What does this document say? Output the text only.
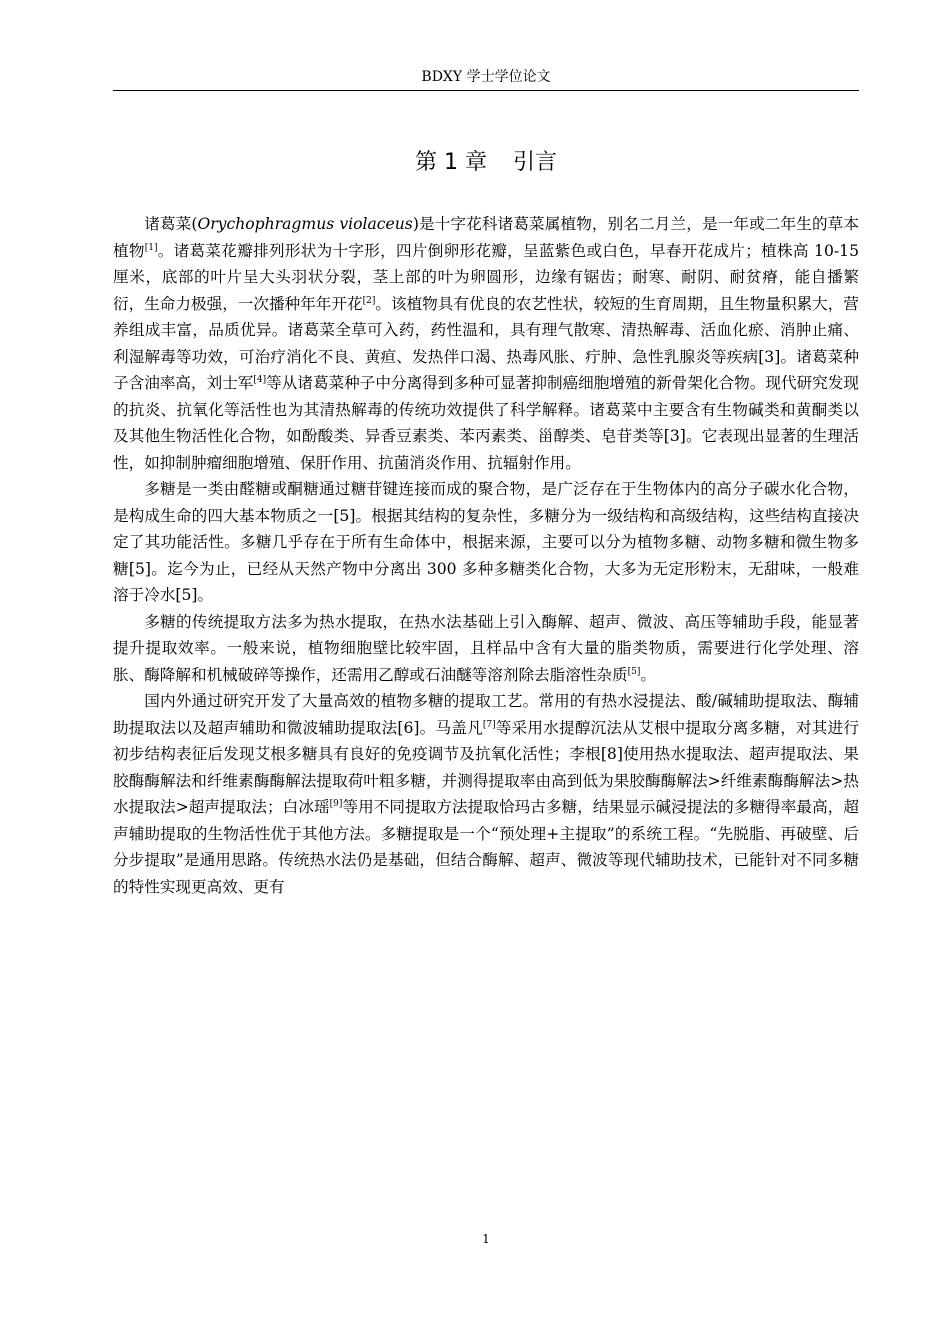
BDXY 学士学位论文
第 1 章 引言

诸葛菜(Orychophragmus violaceus)是十字花科诸葛菜属植物，别名二月兰，是一年或二年生的草本植物[1]。诸葛菜花瓣排列形状为十字形，四片倒卵形花瓣，呈蓝紫色或白色，早春开花成片；植株高 10-15 厘米，底部的叶片呈大头羽状分裂，茎上部的叶为卵圆形，边缘有锯齿；耐寒、耐阴、耐贫瘠，能自播繁衍，生命力极强，一次播种年年开花[2]。该植物具有优良的农艺性状，较短的生育周期，且生物量积累大，营养组成丰富，品质优异。诸葛菜全草可入药，药性温和，具有理气散寒、清热解毒、活血化瘀、消肿止痛、利湿解毒等功效，可治疗消化不良、黄疸、发热伴口渴、热毒风胀、疔肿、急性乳腺炎等疾病[3]。诸葛菜种子含油率高，刘士军[4]等从诸葛菜种子中分离得到多种可显著抑制癌细胞增殖的新骨架化合物。现代研究发现的抗炎、抗氧化等活性也为其清热解毒的传统功效提供了科学解释。诸葛菜中主要含有生物碱类和黄酮类以及其他生物活性化合物，如酚酸类、异香豆素类、苯丙素类、甾醇类、皂苷类等[3]。它表现出显著的生理活性，如抑制肿瘤细胞增殖、保肝作用、抗菌消炎作用、抗辐射作用。

多糖是一类由醛糖或酮糖通过糖苷键连接而成的聚合物，是广泛存在于生物体内的高分子碳水化合物，是构成生命的四大基本物质之一[5]。根据其结构的复杂性，多糖分为一级结构和高级结构，这些结构直接决定了其功能活性。多糖几乎存在于所有生命体中，根据来源，主要可以分为植物多糖、动物多糖和微生物多糖[5]。迄今为止，已经从天然产物中分离出 300 多种多糖类化合物，大多为无定形粉末，无甜味，一般难溶于冷水[5]。

多糖的传统提取方法多为热水提取，在热水法基础上引入酶解、超声、微波、高压等辅助手段，能显著提升提取效率。一般来说，植物细胞壁比较牢固，且样品中含有大量的脂类物质，需要进行化学处理、溶胀、酶降解和机械破碎等操作，还需用乙醇或石油醚等溶剂除去脂溶性杂质[5]。

国内外通过研究开发了大量高效的植物多糖的提取工艺。常用的有热水浸提法、酸/碱辅助提取法、酶辅助提取法以及超声辅助和微波辅助提取法[6]。马盖凡[7]等采用水提醇沉法从艾根中提取分离多糖，对其进行初步结构表征后发现艾根多糖具有良好的免疫调节及抗氧化活性；李根[8]使用热水提取法、超声提取法、果胶酶酶解法和纤维素酶酶解法提取荷叶粗多糖，并测得提取率由高到低为果胶酶酶解法>纤维素酶酶解法>热水提取法>超声提取法；白冰瑶[9]等用不同提取方法提取恰玛古多糖，结果显示碱浸提法的多糖得率最高，超声辅助提取的生物活性优于其他方法。多糖提取是一个“预处理+主提取”的系统工程。“先脱脂、再破壁、后分步提取”是通用思路。传统热水法仍是基础，但结合酶解、超声、微波等现代辅助技术，已能针对不同多糖的特性实现更高效、更有

1
